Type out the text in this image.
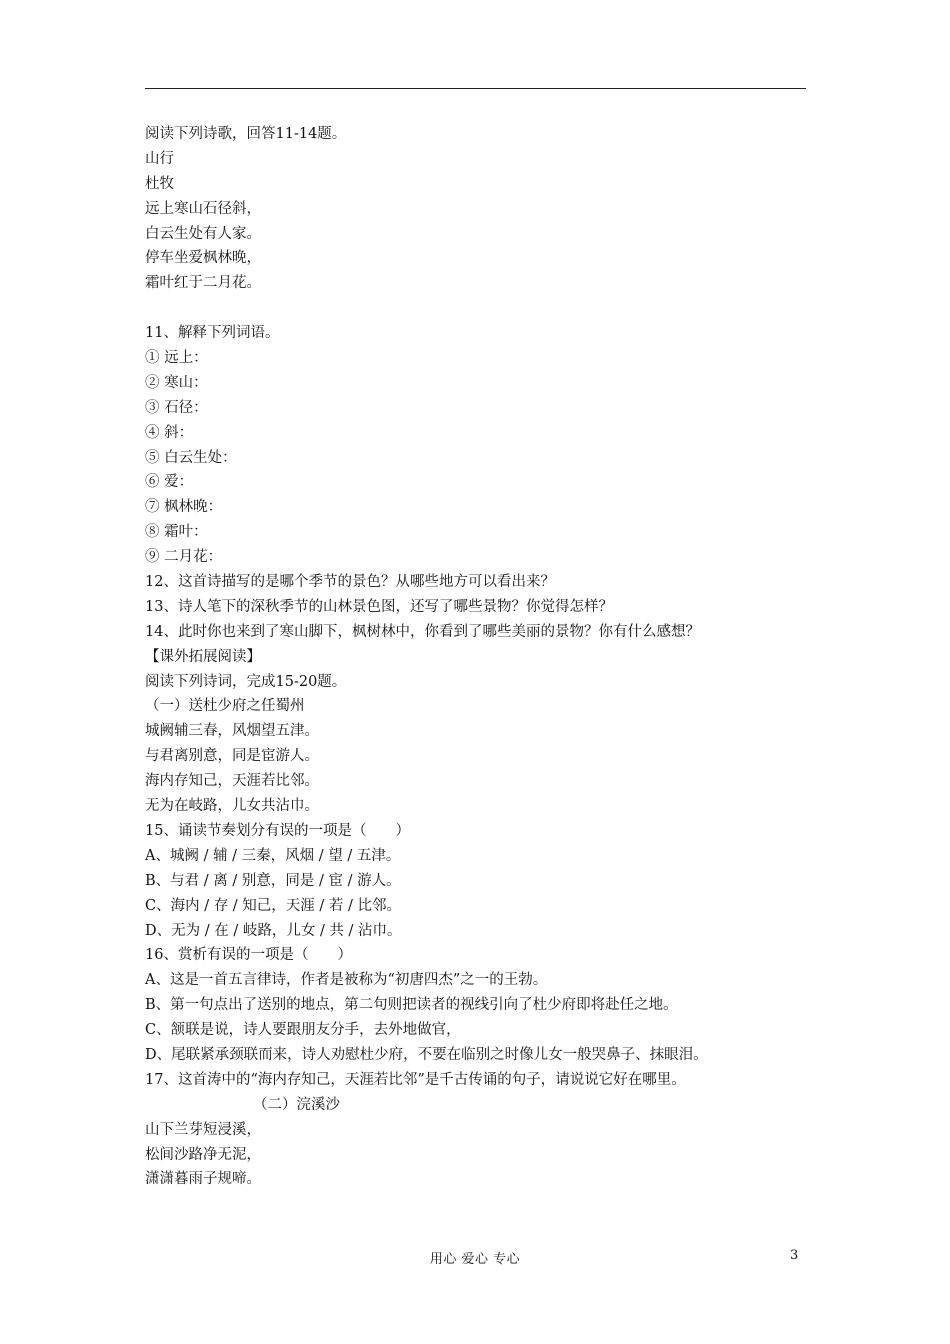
阅读下列诗歌，回答11-14题。
山行
杜牧
远上寒山石径斜，
白云生处有人家。
停车坐爱枫林晚，
霜叶红于二月花。
11、解释下列词语。
① 远上：
② 寒山：
③ 石径：
④ 斜：
⑤ 白云生处：
⑥ 爱：
⑦ 枫林晚：
⑧ 霜叶：
⑨ 二月花：
12、这首诗描写的是哪个季节的景色？从哪些地方可以看出来？
13、诗人笔下的深秋季节的山林景色图，还写了哪些景物？你觉得怎样？
14、此时你也来到了寒山脚下，枫树林中，你看到了哪些美丽的景物？你有什么感想？
【课外拓展阅读】
阅读下列诗词，完成15-20题。
（一）送杜少府之任蜀州
城阙辅三春，风烟望五津。
与君离别意，同是宦游人。
海内存知己，天涯若比邻。
无为在岐路，儿女共沾巾。
15、诵读节奏划分有误的一项是（　　）
A、城阙 / 辅 / 三秦，风烟 / 望 / 五津。
B、与君 / 离 / 别意，同是 / 宦 / 游人。
C、海内 / 存 / 知己，天涯 / 若 / 比邻。
D、无为 / 在 / 岐路，儿女 / 共 / 沾巾。
16、赏析有误的一项是（　　）
A、这是一首五言律诗，作者是被称为“初唐四杰”之一的王勃。
B、第一句点出了送别的地点，第二句则把读者的视线引向了杜少府即将赴任之地。
C、颔联是说，诗人要跟朋友分手，去外地做官，
D、尾联紧承颈联而来，诗人劝慰杜少府，不要在临别之时像儿女一般哭鼻子、抹眼泪。
17、这首涛中的“海内存知己，天涯若比邻”是千古传诵的句子，请说说它好在哪里。
（二）浣溪沙
山下兰芽短浸溪，
松间沙路净无泥，
潇潇暮雨子规啼。
用心 爱心 专心	3
